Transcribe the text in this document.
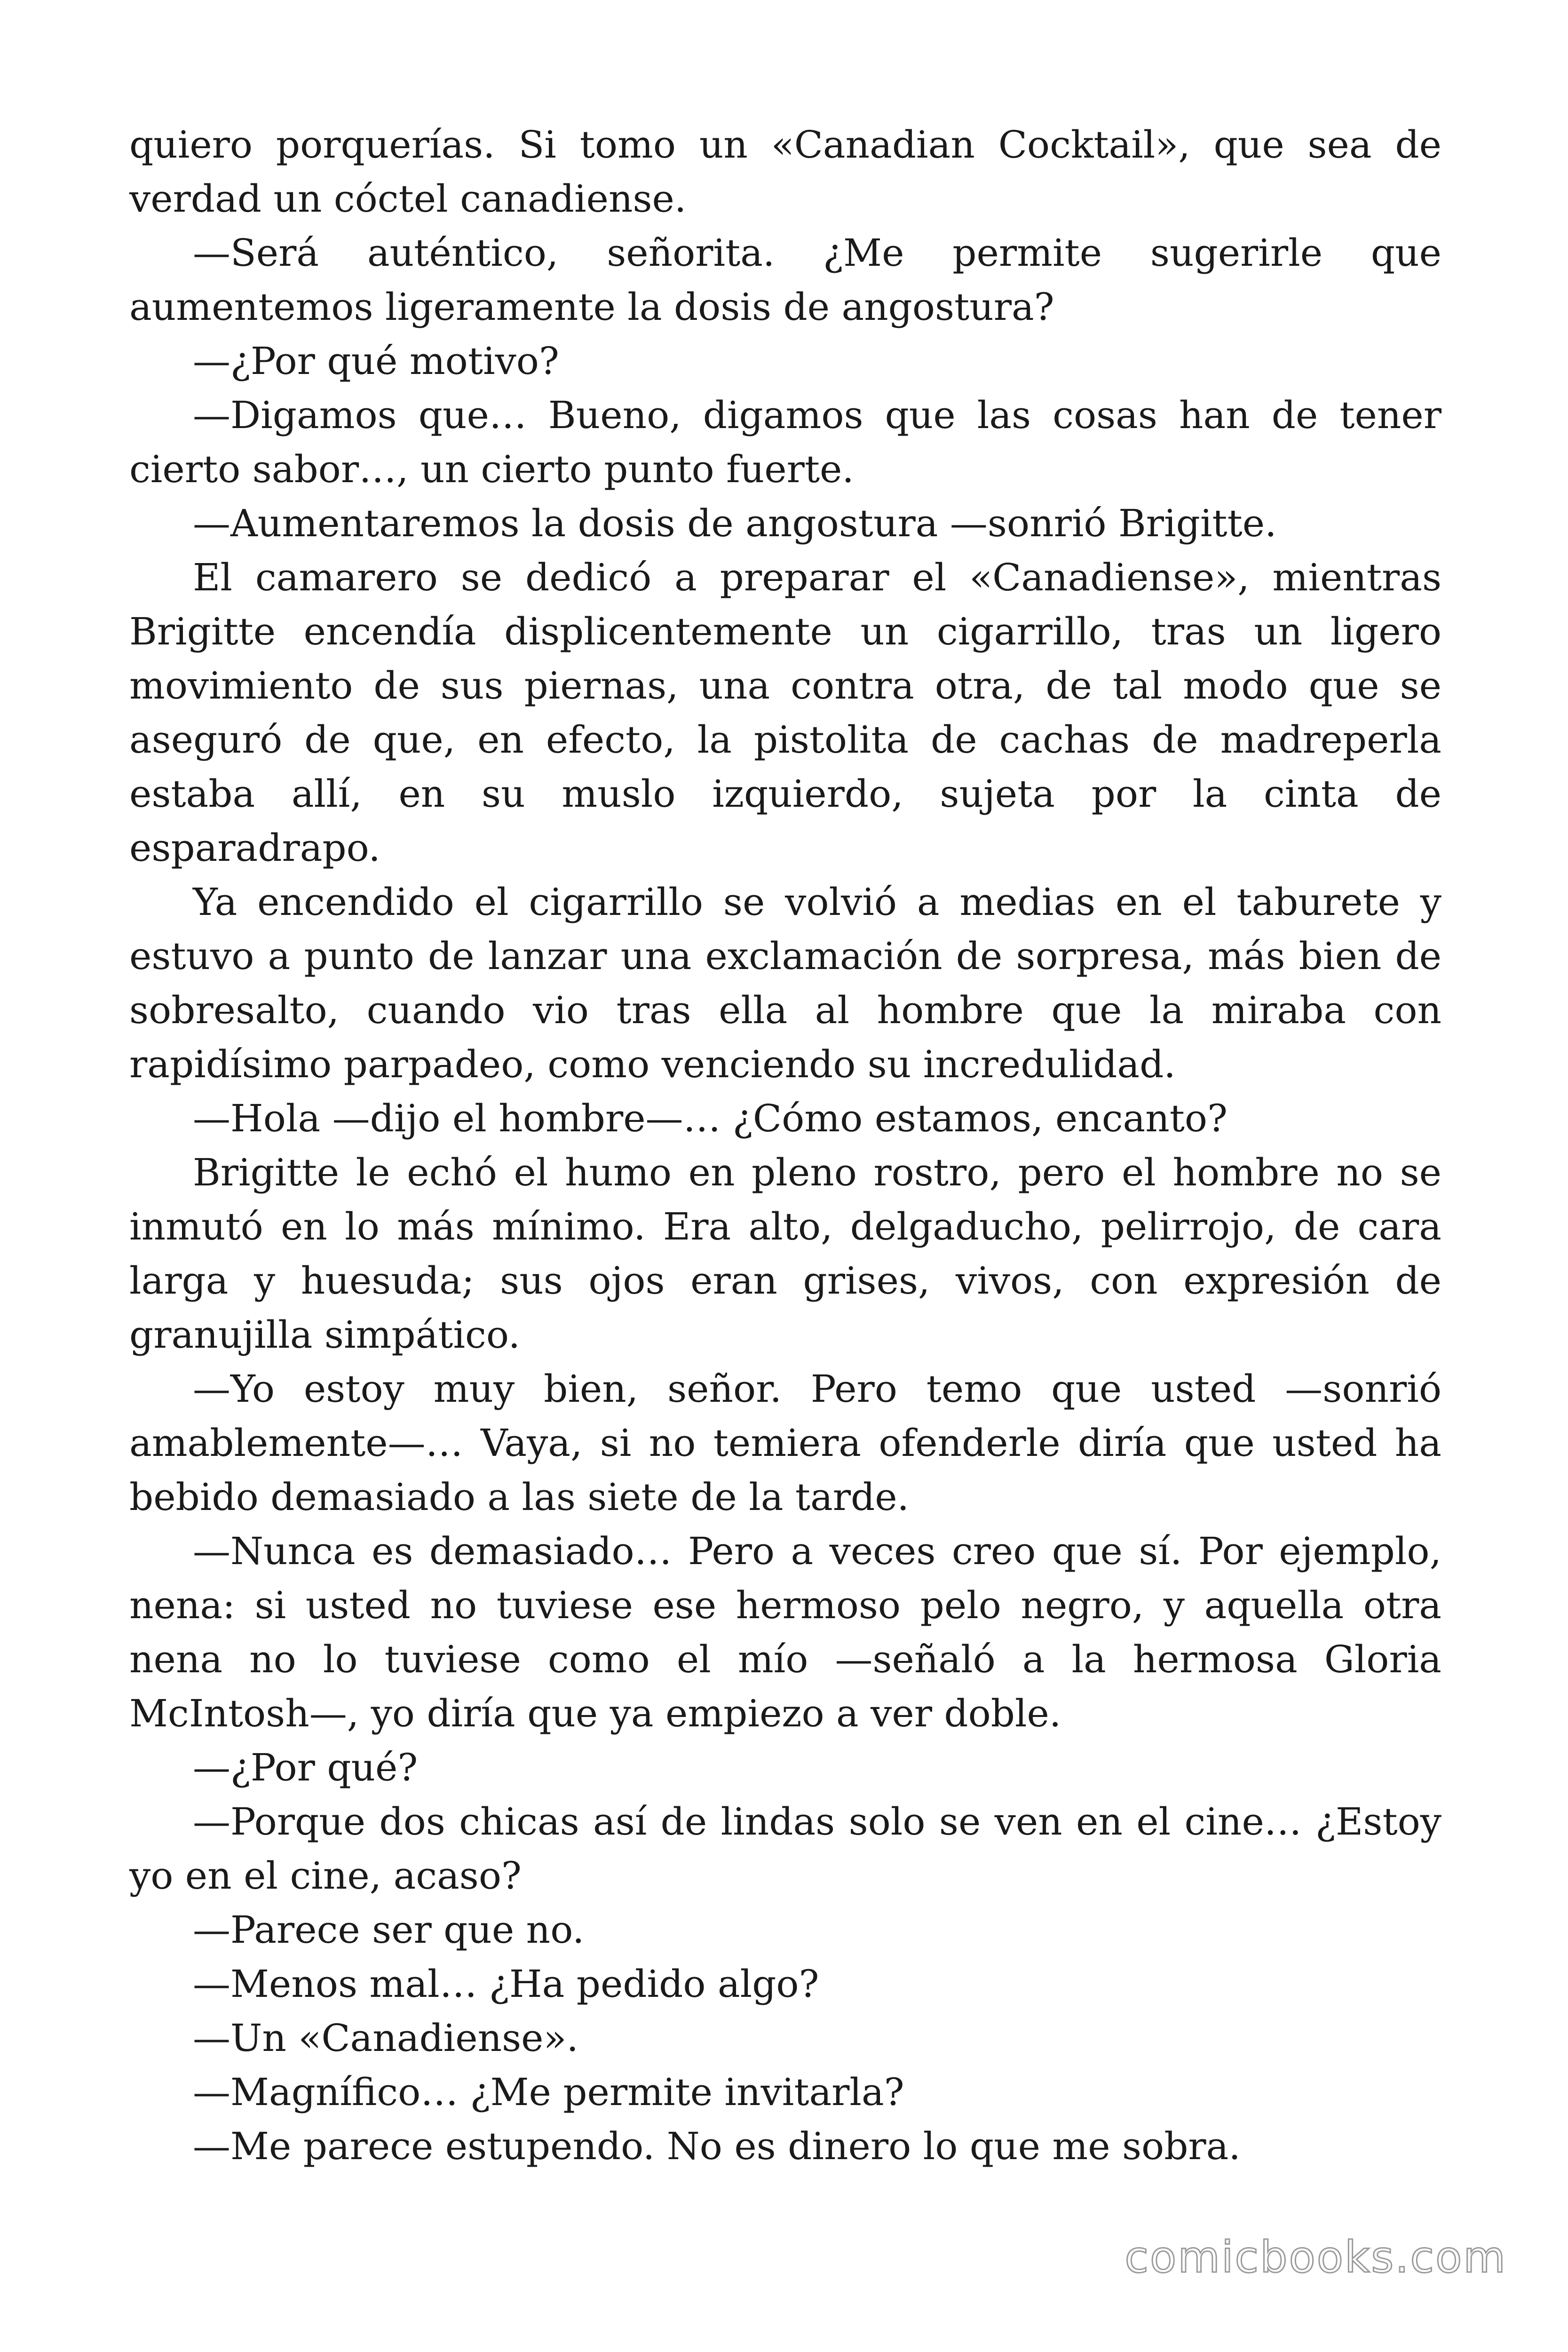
quiero porquerías. Si tomo un «Canadian Cocktail», que sea de verdad un cóctel canadiense.

—Será auténtico, señorita. ¿Me permite sugerirle que aumentemos ligeramente la dosis de angostura?

—¿Por qué motivo?

—Digamos que… Bueno, digamos que las cosas han de tener cierto sabor…, un cierto punto fuerte.

—Aumentaremos la dosis de angostura —sonrió Brigitte.

El camarero se dedicó a preparar el «Canadiense», mientras Brigitte encendía displicentemente un cigarrillo, tras un ligero movimiento de sus piernas, una contra otra, de tal modo que se aseguró de que, en efecto, la pistolita de cachas de madreperla estaba allí, en su muslo izquierdo, sujeta por la cinta de esparadrapo.

Ya encendido el cigarrillo se volvió a medias en el taburete y estuvo a punto de lanzar una exclamación de sorpresa, más bien de sobresalto, cuando vio tras ella al hombre que la miraba con rapidísimo parpadeo, como venciendo su incredulidad.

—Hola —dijo el hombre—… ¿Cómo estamos, encanto?

Brigitte le echó el humo en pleno rostro, pero el hombre no se inmutó en lo más mínimo. Era alto, delgaducho, pelirrojo, de cara larga y huesuda; sus ojos eran grises, vivos, con expresión de granujilla simpático.

—Yo estoy muy bien, señor. Pero temo que usted —sonrió amablemente—… Vaya, si no temiera ofenderle diría que usted ha bebido demasiado a las siete de la tarde.

—Nunca es demasiado… Pero a veces creo que sí. Por ejemplo, nena: si usted no tuviese ese hermoso pelo negro, y aquella otra nena no lo tuviese como el mío —señaló a la hermosa Gloria McIntosh—, yo diría que ya empiezo a ver doble.

—¿Por qué?

—Porque dos chicas así de lindas solo se ven en el cine… ¿Estoy yo en el cine, acaso?

—Parece ser que no.

—Menos mal… ¿Ha pedido algo?

—Un «Canadiense».

—Magnífico… ¿Me permite invitarla?

—Me parece estupendo. No es dinero lo que me sobra.

comicbooks.com
